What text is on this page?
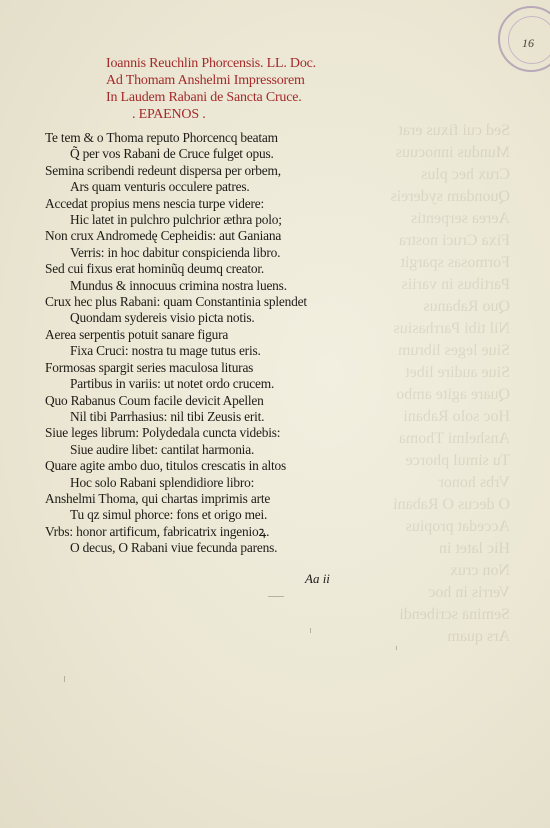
Sed cui fixus erat
Mundus innocuus
Crux hec plus
Quondam sydereis
Aerea serpentis
Fixa Cruci nostra
Formosas spargit
Partibus in variis
Quo Rabanus
Nil tibi Parrhasius
Siue leges librum
Siue audire libet
Quare agite ambo
Hoc solo Rabani
Anshelmi Thoma
Tu simul phorce
Vrbs honor
O decus O Rabani
Accedat propius
Hic latet in
Non crux
Verris in hoc
Semina scribendi
Ars quam
16
Ioannis Reuchlin Phorcensis. LL. Doc.
Ad Thomam Anshelmi Impressorem
In Laudem Rabani de Sancta Cruce.
. EPAENOS .
Te tem & o Thoma reputo Phorcencq beatam
Q̃ per vos Rabani de Cruce fulget opus.
Semina scribendi redeunt dispersa per orbem,
Ars quam venturis occulere patres.
Accedat propius mens nescia turpe videre:
Hic latet in pulchro pulchrior æthra polo;
Non crux Andromedę Cepheidis: aut Ganiana
Verris: in hoc dabitur conspicienda libro.
Sed cui fixus erat hominũq deumq creator.
Mundus & innocuus crimina nostra luens.
Crux hec plus Rabani: quam Constantinia splendet
Quondam sydereis visio picta notis.
Aerea serpentis potuit sanare figura
Fixa Cruci: nostra tu mage tutus eris.
Formosas spargit series maculosa lituras
Partibus in variis: ut notet ordo crucem.
Quo Rabanus Coum facile devicit Apellen
Nil tibi Parrhasius: nil tibi Zeusis erit.
Siue leges librum: Polydedala cuncta videbis:
Siue audire libet: cantilat harmonia.
Quare agite ambo duo, titulos crescatis in altos
Hoc solo Rabani splendidiore libro:
Anshelmi Thoma, qui chartas imprimis arte
Tu qz simul phorce: fons et origo mei.
Vrbs: honor artificum, fabricatrix ingenioꝝ.
O decus, O Rabani viue fecunda parens.
Aa ii
